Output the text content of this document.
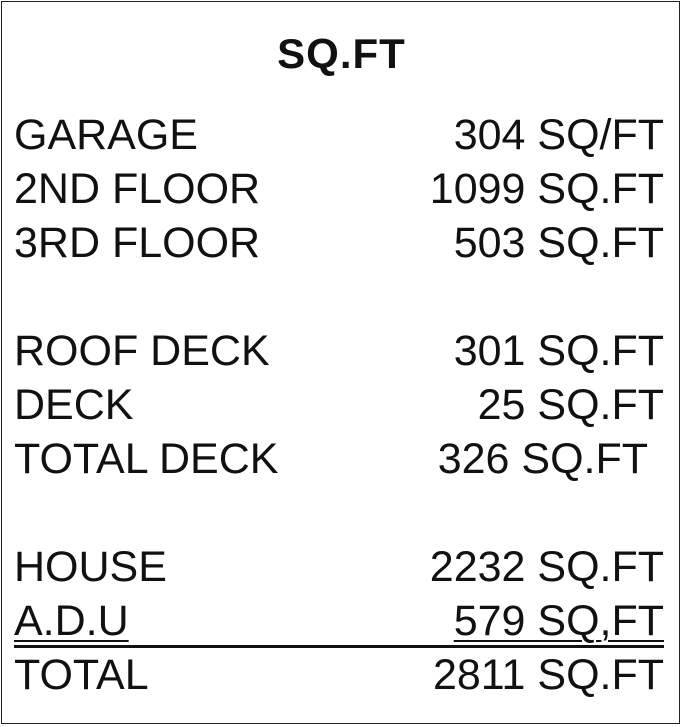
SQ.FT
GARAGE	304 SQ/FT
2ND FLOOR	1099 SQ.FT
3RD FLOOR	503 SQ.FT
ROOF DECK	301 SQ.FT
DECK	25 SQ.FT
TOTAL DECK	326 SQ.FT
HOUSE	2232 SQ.FT
A.D.U	579 SQ,FT
TOTAL	2811 SQ.FT
